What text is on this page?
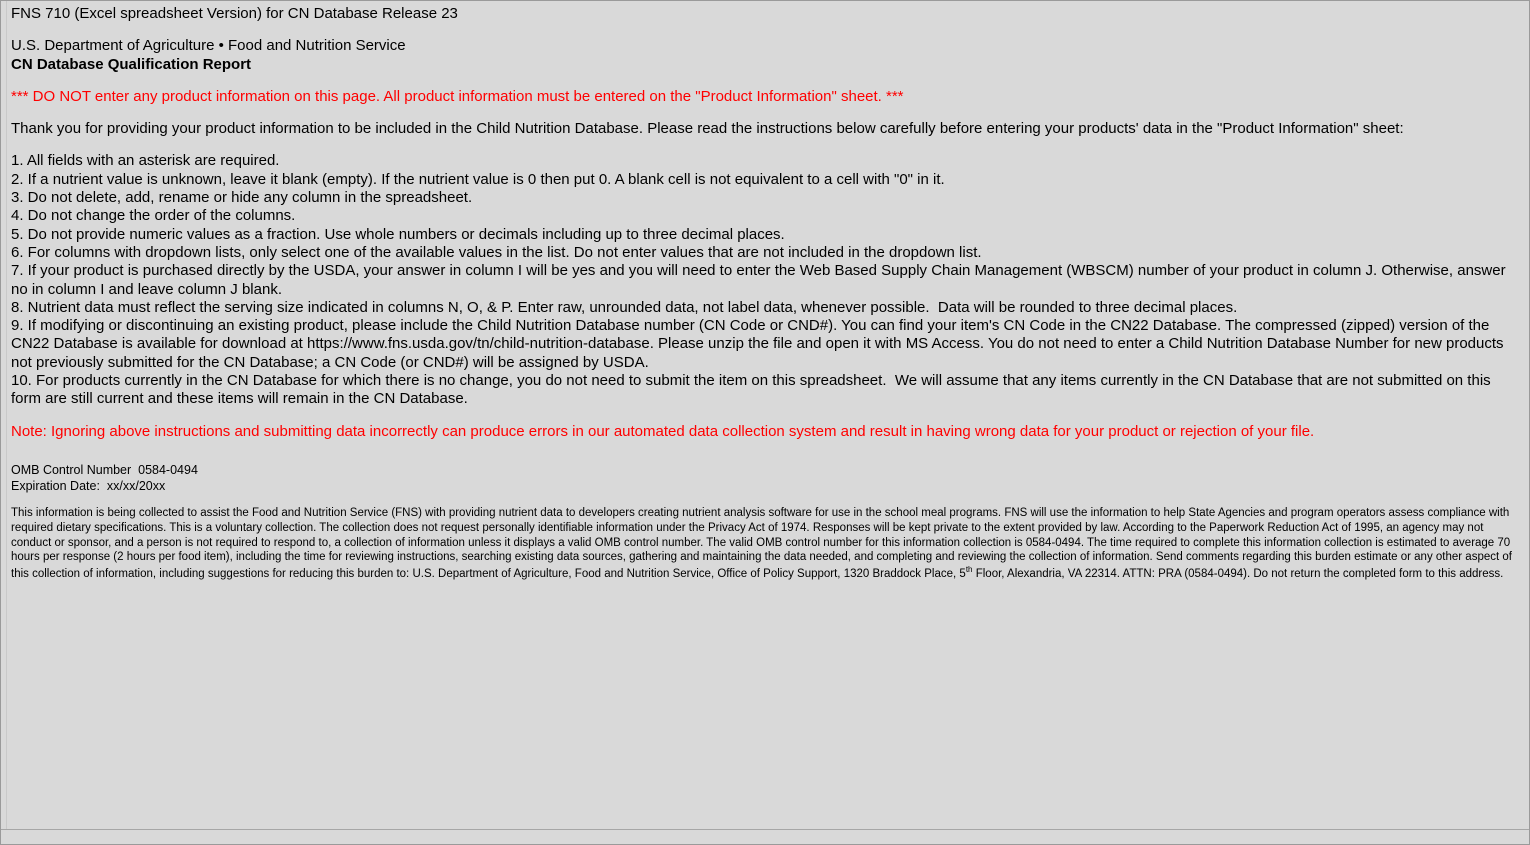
FNS 710 (Excel spreadsheet Version) for CN Database Release 23
U.S. Department of Agriculture • Food and Nutrition Service
CN Database Qualification Report
*** DO NOT enter any product information on this page. All product information must be entered on the "Product Information" sheet. ***
Thank you for providing your product information to be included in the Child Nutrition Database. Please read the instructions below carefully before entering your products' data in the "Product Information" sheet:
1. All fields with an asterisk are required.
2. If a nutrient value is unknown, leave it blank (empty). If the nutrient value is 0 then put 0. A blank cell is not equivalent to a cell with "0" in it.
3. Do not delete, add, rename or hide any column in the spreadsheet.
4. Do not change the order of the columns.
5. Do not provide numeric values as a fraction. Use whole numbers or decimals including up to three decimal places.
6. For columns with dropdown lists, only select one of the available values in the list. Do not enter values that are not included in the dropdown list.
7. If your product is purchased directly by the USDA, your answer in column I will be yes and you will need to enter the Web Based Supply Chain Management (WBSCM) number of your product in column J. Otherwise, answer no in column I and leave column J blank.
8. Nutrient data must reflect the serving size indicated in columns N, O, & P. Enter raw, unrounded data, not label data, whenever possible.  Data will be rounded to three decimal places.
9. If modifying or discontinuing an existing product, please include the Child Nutrition Database number (CN Code or CND#). You can find your item's CN Code in the CN22 Database. The compressed (zipped) version of the CN22 Database is available for download at https://www.fns.usda.gov/tn/child-nutrition-database. Please unzip the file and open it with MS Access. You do not need to enter a Child Nutrition Database Number for new products not previously submitted for the CN Database; a CN Code (or CND#) will be assigned by USDA.
10. For products currently in the CN Database for which there is no change, you do not need to submit the item on this spreadsheet.  We will assume that any items currently in the CN Database that are not submitted on this form are still current and these items will remain in the CN Database.
Note: Ignoring above instructions and submitting data incorrectly can produce errors in our automated data collection system and result in having wrong data for your product or rejection of your file.
OMB Control Number  0584-0494
Expiration Date:  xx/xx/20xx
This information is being collected to assist the Food and Nutrition Service (FNS) with providing nutrient data to developers creating nutrient analysis software for use in the school meal programs. FNS will use the information to help State Agencies and program operators assess compliance with required dietary specifications. This is a voluntary collection. The collection does not request personally identifiable information under the Privacy Act of 1974. Responses will be kept private to the extent provided by law. According to the Paperwork Reduction Act of 1995, an agency may not conduct or sponsor, and a person is not required to respond to, a collection of information unless it displays a valid OMB control number. The valid OMB control number for this information collection is 0584-0494. The time required to complete this information collection is estimated to average 70 hours per response (2 hours per food item), including the time for reviewing instructions, searching existing data sources, gathering and maintaining the data needed, and completing and reviewing the collection of information. Send comments regarding this burden estimate or any other aspect of this collection of information, including suggestions for reducing this burden to: U.S. Department of Agriculture, Food and Nutrition Service, Office of Policy Support, 1320 Braddock Place, 5th Floor, Alexandria, VA 22314. ATTN: PRA (0584-0494). Do not return the completed form to this address.
